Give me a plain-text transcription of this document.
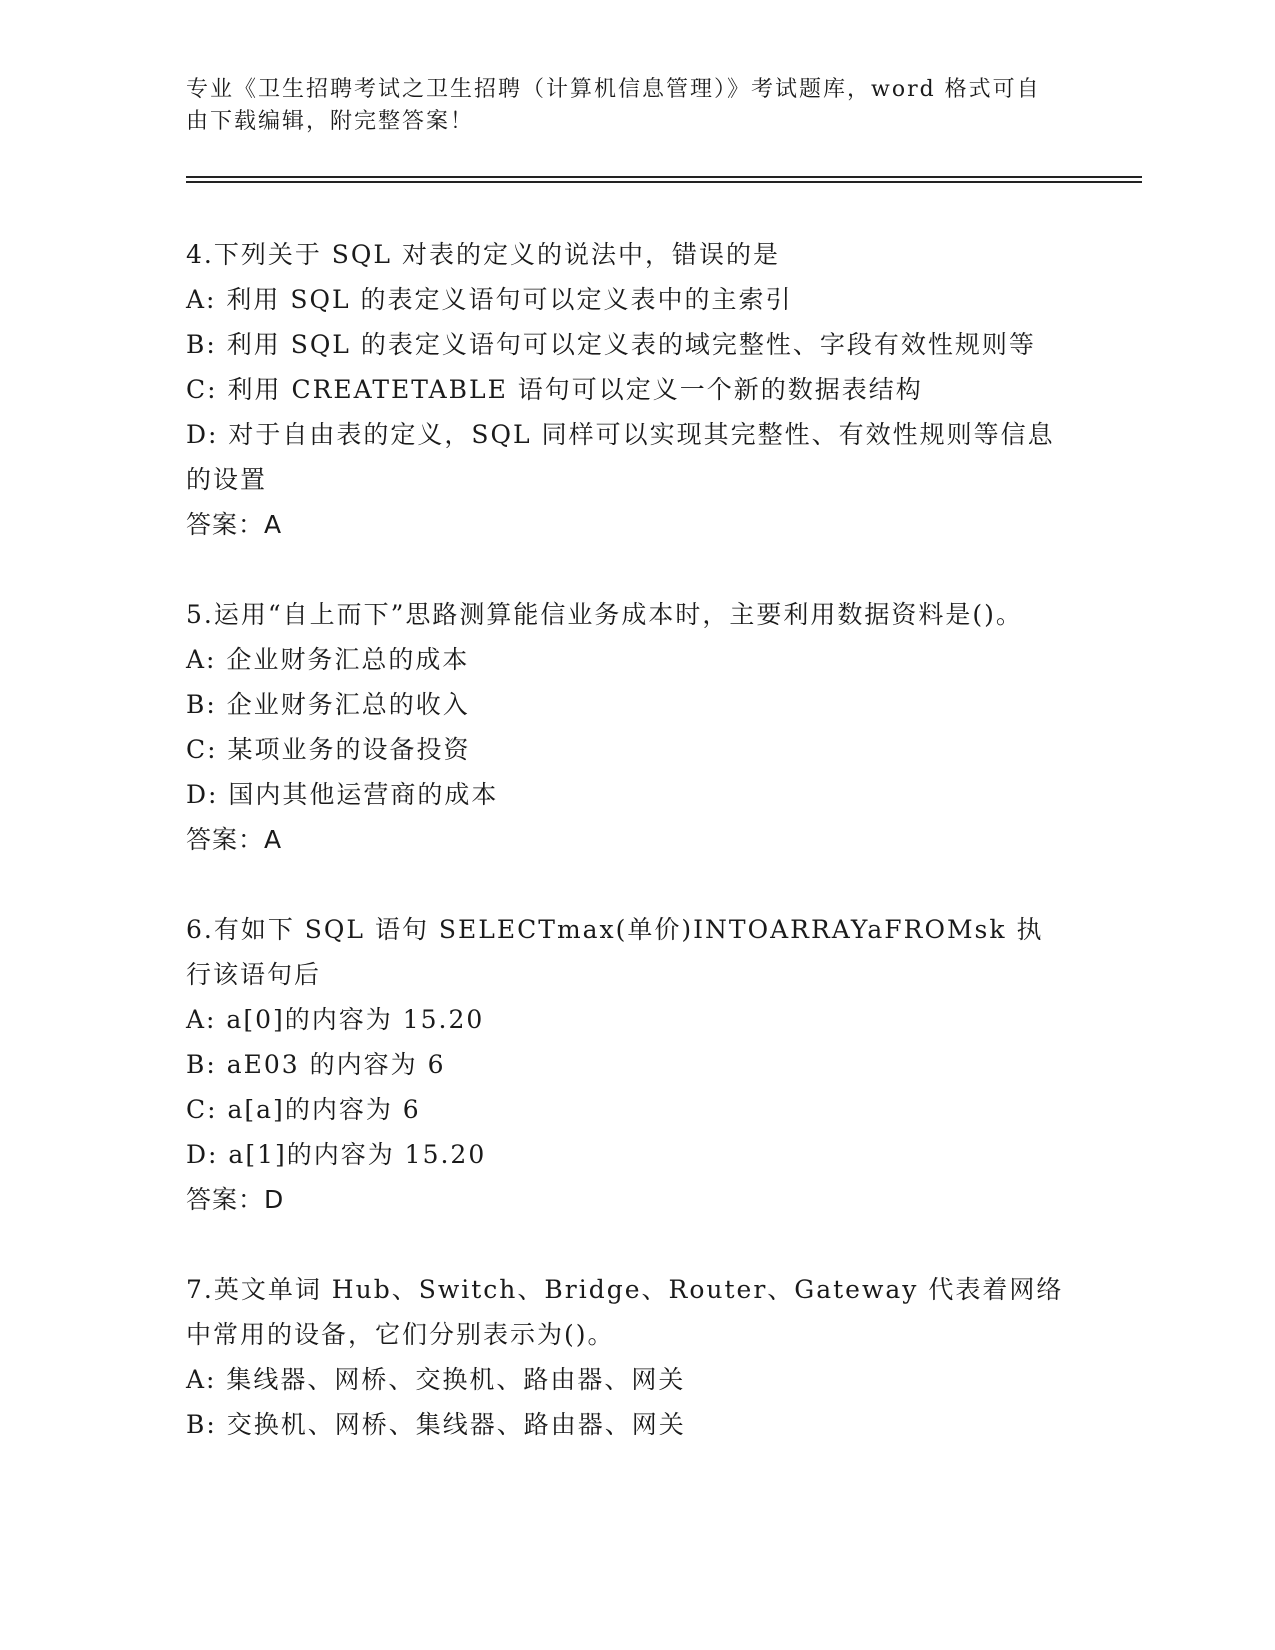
专业《卫生招聘考试之卫生招聘（计算机信息管理）》考试题库，word 格式可自
由下载编辑，附完整答案！

4.下列关于 SQL 对表的定义的说法中，错误的是

A: 利用 SQL 的表定义语句可以定义表中的主索引

B: 利用 SQL 的表定义语句可以定义表的域完整性、字段有效性规则等

C: 利用 CREATETABLE 语句可以定义一个新的数据表结构

D: 对于自由表的定义，SQL 同样可以实现其完整性、有效性规则等信息的设置

答案：A

5.运用“自上而下”思路测算能信业务成本时，主要利用数据资料是()。

A: 企业财务汇总的成本

B: 企业财务汇总的收入

C: 某项业务的设备投资

D: 国内其他运营商的成本

答案：A

6.有如下 SQL 语句 SELECTmax(单价)INTOARRAYaFROMsk 执行该语句后

A: a[0]的内容为 15.20

B: aE03 的内容为 6

C: a[a]的内容为 6

D: a[1]的内容为 15.20

答案：D

7.英文单词 Hub、Switch、Bridge、Router、Gateway 代表着网络中常用的设备，它们分别表示为()。

A: 集线器、网桥、交换机、路由器、网关

B: 交换机、网桥、集线器、路由器、网关
